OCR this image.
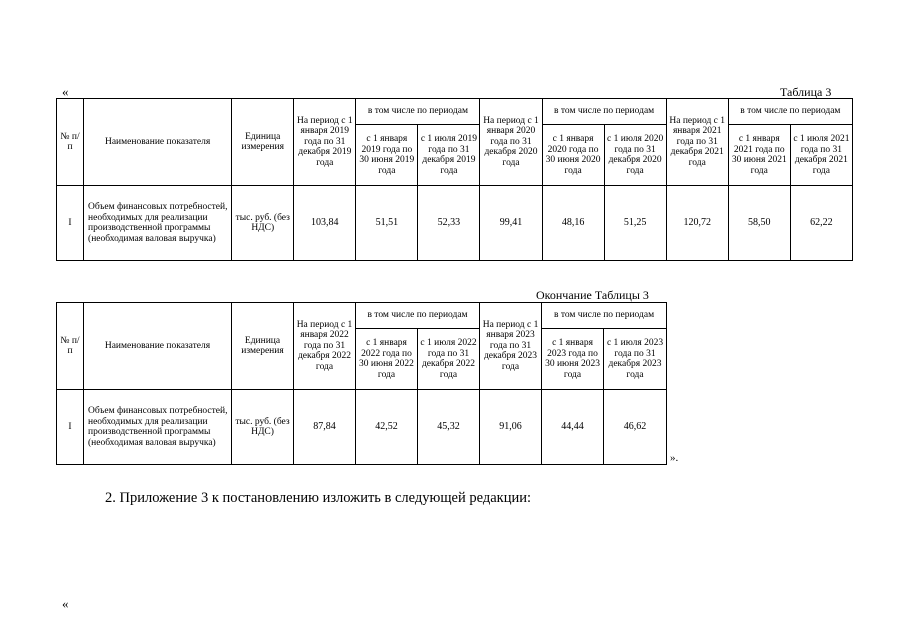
«	Таблица 3
№ п/п	Наименование показателя	Единица измерения	На период с 1 января 2019 года по 31 декабря 2019 года	в том числе по периодам		На период с 1 января 2020 года по 31 декабря 2020 года	в том числе по периодам		На период с 1 января 2021 года по 31 декабря 2021 года	в том числе по периодам	
				с 1 января 2019 года по 30 июня 2019 года	с 1 июля 2019 года по 31 декабря 2019 года		с 1 января 2020 года по 30 июня 2020 года	с 1 июля 2020 года по 31 декабря 2020 года		с 1 января 2021 года по 30 июня 2021 года	с 1 июля 2021 года по 31 декабря 2021 года
I	Объем финансовых потребностей, необходимых для реализации производственной программы (необходимая валовая выручка)	тыс. руб. (без НДС)	103,84	51,51	52,33	99,41	48,16	51,25	120,72	58,50	62,22
Окончание Таблицы 3
№ п/п	Наименование показателя	Единица измерения	На период с 1 января 2022 года по 31 декабря 2022 года	в том числе по периодам		На период с 1 января 2023 года по 31 декабря 2023 года	в том числе по периодам	
				с 1 января 2022 года по 30 июня 2022 года	с 1 июля 2022 года по 31 декабря 2022 года		с 1 января 2023 года по 30 июня 2023 года	с 1 июля 2023 года по 31 декабря 2023 года
I	Объем финансовых потребностей, необходимых для реализации производственной программы (необходимая валовая выручка)	тыс. руб. (без НДС)	87,84	42,52	45,32	91,06	44,44	46,62
».
2. Приложение 3 к постановлению изложить в следующей редакции:
«
